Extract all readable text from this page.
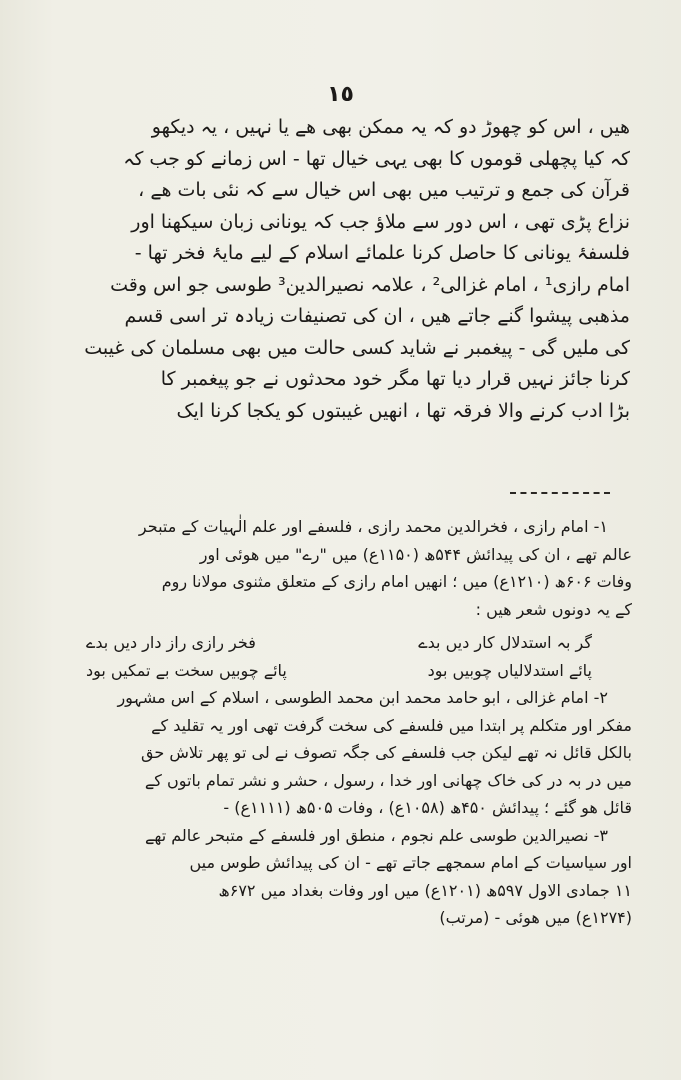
١٥

ھیں ، اس کو چھوڑ دو کہ یہ ممکن بھی ھے یا نہیں ، یہ دیکھو

کہ کیا پچھلی قوموں کا بھی یہی خیال تھا - اس زمانے کو جب کہ

قرآن کی جمع و ترتیب میں بھی اس خیال سے کہ نئی بات ھے ،

نزاع پڑی تھی ، اس دور سے ملاؤ جب کہ یونانی زبان سیکھنا اور

فلسفۂ یونانی کا حاصل کرنا علمائے اسلام کے لیے مایۂ فخر تھا -

امام رازی¹ ، امام غزالی² ، علامہ نصیرالدین³ طوسی جو اس وقت

مذھبی پیشوا گنے جاتے ھیں ، ان کی تصنیفات زیادہ تر اسی قسم

کی ملیں گی - پیغمبر نے شاید کسی حالت میں بھی مسلمان کی غیبت

کرنا جائز نہیں قرار دیا تھا مگر خود محدثوں نے جو پیغمبر کا

بڑا ادب کرنے والا فرقہ تھا ، انھیں غیبتوں کو یکجا کرنا ایک

۱- امام رازی ، فخرالدین محمد رازی ، فلسفے اور علم الٰہیات کے متبحر

عالم تھے ، ان کی پیدائش ۵۴۴ھ (۱۱۵۰ع) میں "رے" میں ھوئی اور

وفات ۶۰۶ھ (۱۲۱۰ع) میں ؛ انھیں امام رازی کے متعلق مثنوی مولانا روم

کے یہ دونوں شعر ھیں :

گر بہ استدلال کار دیں بدے
فخر رازی راز دار دیں بدے
پائے استدلالیاں چوبیں بود
پائے چوبیں سخت بے تمکیں بود

۲- امام غزالی ، ابو حامد محمد ابن محمد الطوسی ، اسلام کے اس مشہور

مفکر اور متکلم پر ابتدا میں فلسفے کی سخت گرفت تھی اور یہ تقلید کے

بالکل قائل نہ تھے لیکن جب فلسفے کی جگہ تصوف نے لی تو پھر تلاش حق

میں در بہ در کی خاک چھانی اور خدا ، رسول ، حشر و نشر تمام باتوں کے

قائل ھو گئے ؛ پیدائش ۴۵۰ھ (۱۰۵۸ع) ، وفات ۵۰۵ھ (۱۱۱۱ع) -

۳- نصیرالدین طوسی علم نجوم ، منطق اور فلسفے کے متبحر عالم تھے

اور سیاسیات کے امام سمجھے جاتے تھے - ان کی پیدائش طوس میں

۱۱ جمادی الاول ۵۹۷ھ (۱۲۰۱ع) میں اور وفات بغداد میں ۶۷۲ھ

(۱۲۷۴ع) میں ھوئی - (مرتب)
